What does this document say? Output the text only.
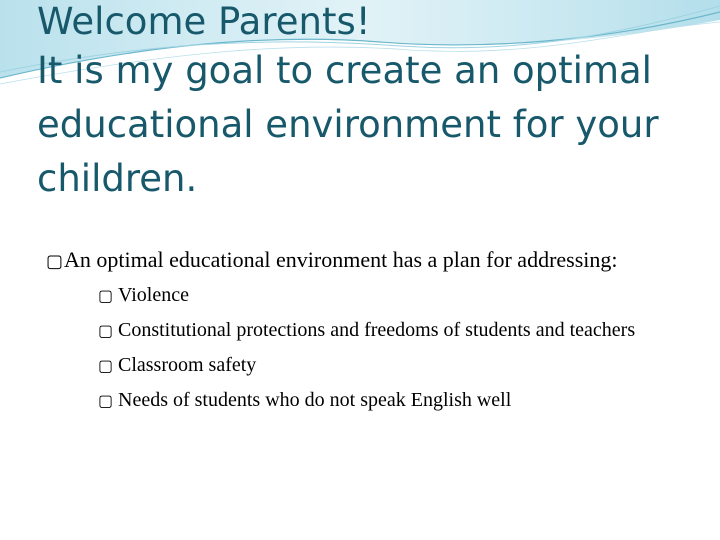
Welcome Parents!
It is my goal to create an optimal
educational environment for your
children.

▢An optimal educational environment has a plan for addressing:

▢ Violence

▢ Constitutional protections and freedoms of students and teachers

▢ Classroom safety

▢ Needs of students who do not speak English well
